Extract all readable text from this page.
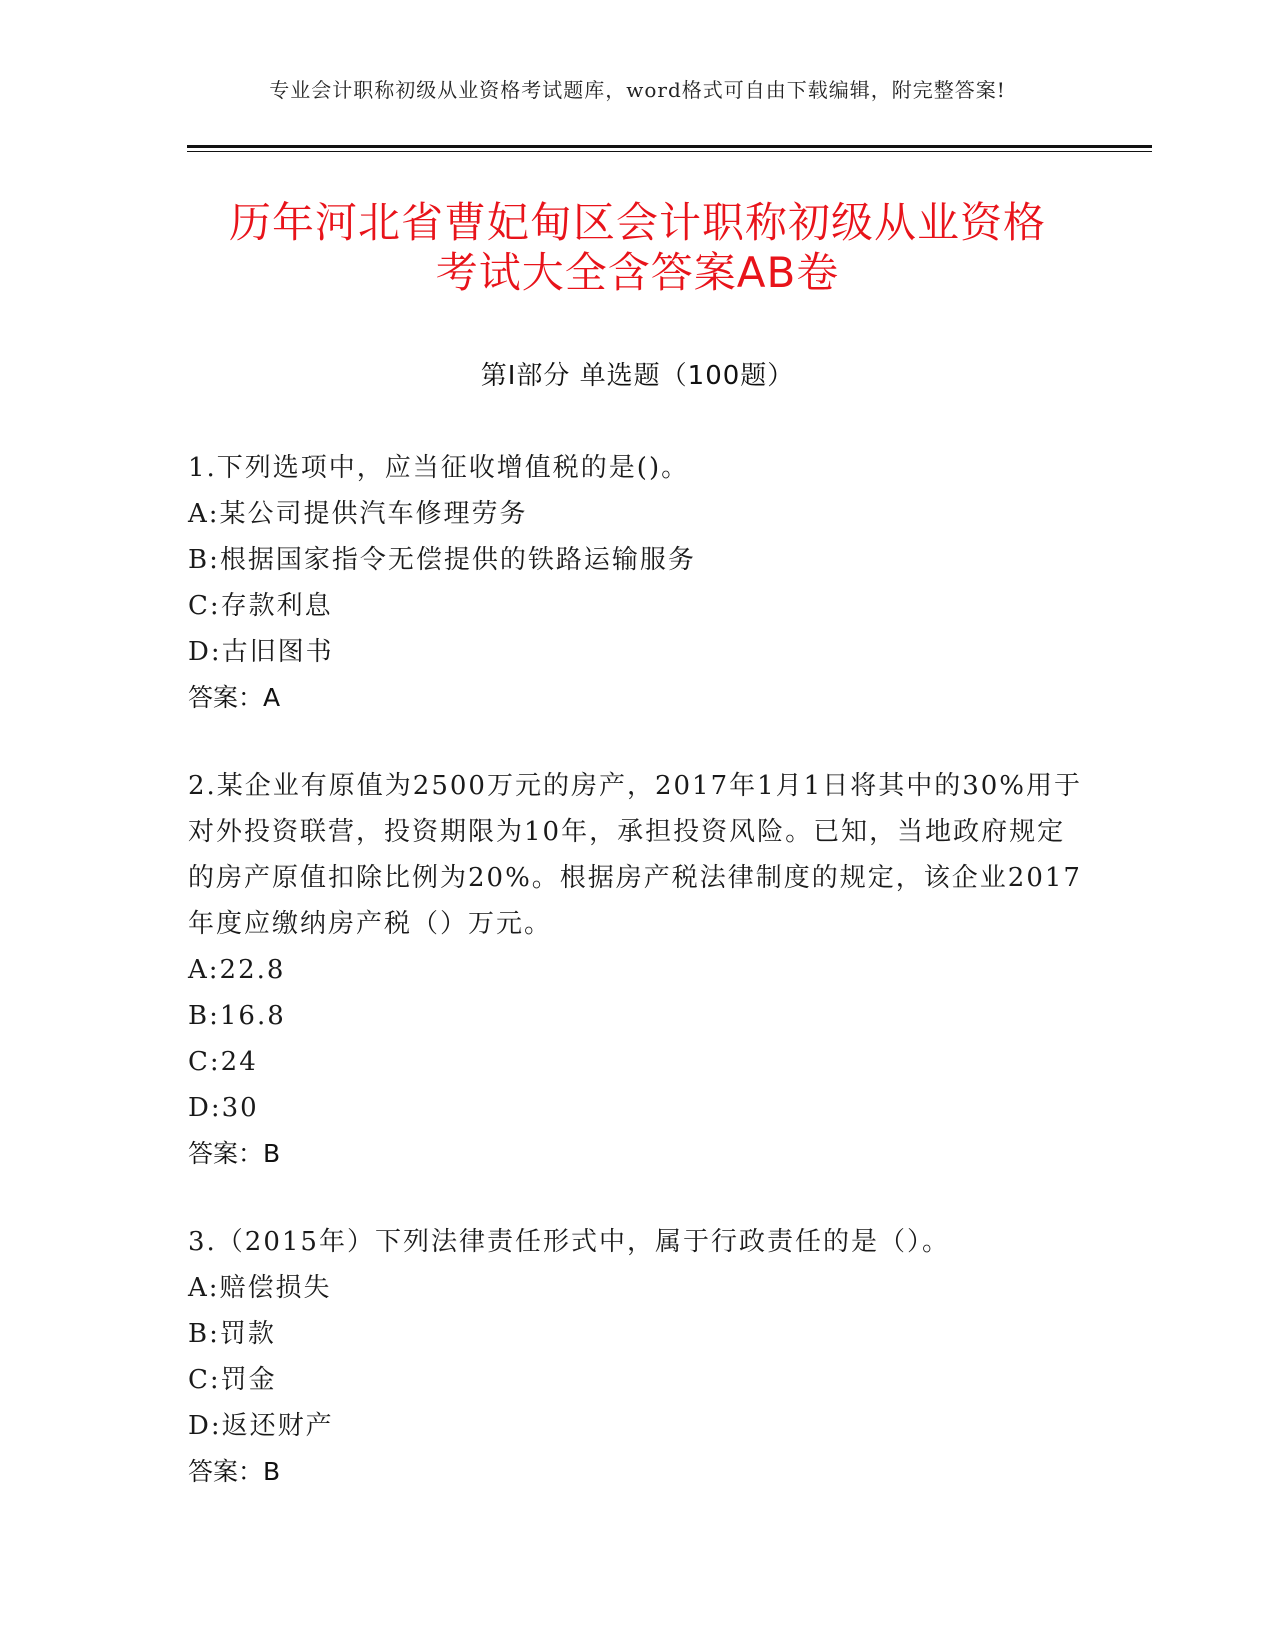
专业会计职称初级从业资格考试题库，word格式可自由下载编辑，附完整答案!
历年河北省曹妃甸区会计职称初级从业资格
考试大全含答案AB卷
第Ⅰ部分 单选题（100题）
1.下列选项中，应当征收增值税的是()。
A:某公司提供汽车修理劳务
B:根据国家指令无偿提供的铁路运输服务
C:存款利息
D:古旧图书
答案：A
2.某企业有原值为2500万元的房产，2017年1月1日将其中的30%用于对外投资联营，投资期限为10年，承担投资风险。已知，当地政府规定的房产原值扣除比例为20%。根据房产税法律制度的规定，该企业2017年度应缴纳房产税（）万元。
A:22.8
B:16.8
C:24
D:30
答案：B
3.（2015年）下列法律责任形式中，属于行政责任的是（）。
A:赔偿损失
B:罚款
C:罚金
D:返还财产
答案：B
